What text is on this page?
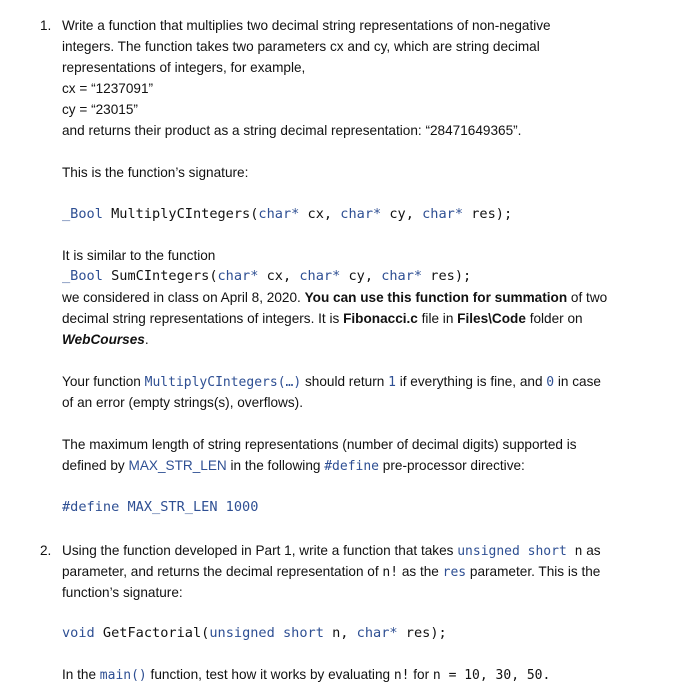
1. Write a function that multiplies two decimal string representations of non-negative
integers. The function takes two parameters cx and cy, which are string decimal
representations of integers, for example,
cx = “1237091”
cy = “23015”
and returns their product as a string decimal representation: “28471649365”.
This is the function’s signature:
_Bool MultiplyCIntegers(char* cx, char* cy, char* res);
It is similar to the function
_Bool SumCIntegers(char* cx, char* cy, char* res);
we considered in class on April 8, 2020. You can use this function for summation of two
decimal string representations of integers. It is Fibonacci.c file in Files\Code folder on
WebCourses.
Your function MultiplyCIntegers(…) should return 1 if everything is fine, and 0 in case
of an error (empty strings(s), overflows).
The maximum length of string representations (number of decimal digits) supported is
defined by MAX_STR_LEN in the following #define pre-processor directive:
#define MAX_STR_LEN 1000
2. Using the function developed in Part 1, write a function that takes unsigned short n as
parameter, and returns the decimal representation of n! as the res parameter. This is the
function’s signature:
void GetFactorial(unsigned short n, char* res);
In the main() function, test how it works by evaluating n! for n = 10, 30, 50.
